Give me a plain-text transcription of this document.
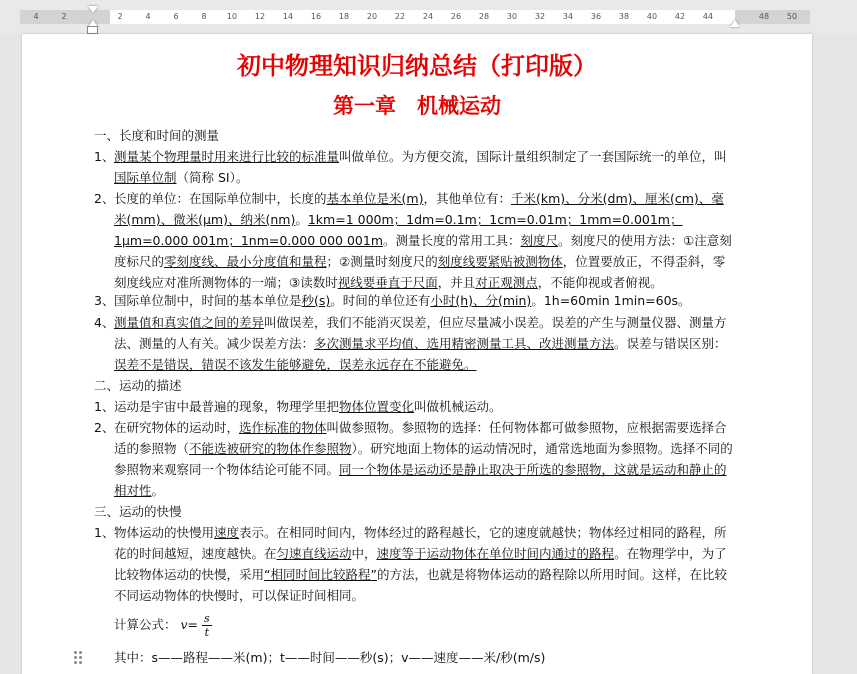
4	2	2	4	6	8	10 12 14 16 18 20 22 24 26 28 30 32 34 36 38 40 42 44	48 50
初中物理知识归纳总结（打印版）
第一章　机械运动
一、长度和时间的测量
1、 测量某个物理量时用来进行比较的标准量叫做单位。为方便交流，国际计量组织制定了一套国际统一的单位，叫国际单位制（简称 SI）。
2、 长度的单位：在国际单位制中，长度的基本单位是米(m)，其他单位有：千米(km)、分米(dm)、厘米(cm)、毫米(mm)、微米(μm)、纳米(nm)。1km=1 000m；1dm=0.1m；1cm=0.01m；1mm=0.001m；1μm=0.000 001m；1nm=0.000 000 001m。测量长度的常用工具：刻度尺。刻度尺的使用方法：①注意刻度标尺的零刻度线、最小分度值和量程；②测量时刻度尺的刻度线要紧贴被测物体，位置要放正，不得歪斜，零刻度线应对准所测物体的一端；③读数时视线要垂直于尺面，并且对正观测点，不能仰视或者俯视。
3、 国际单位制中，时间的基本单位是秒(s)。时间的单位还有小时(h)、分(min)。1h=60min 1min=60s。
4、 测量值和真实值之间的差异叫做误差，我们不能消灭误差，但应尽量减小误差。误差的产生与测量仪器、测量方法、测量的人有关。减少误差方法：多次测量求平均值、选用精密测量工具、改进测量方法。误差与错误区别：误差不是错误，错误不该发生能够避免，误差永远存在不能避免。
二、运动的描述
1、 运动是宇宙中最普遍的现象，物理学里把物体位置变化叫做机械运动。
2、 在研究物体的运动时，选作标准的物体叫做参照物。参照物的选择：任何物体都可做参照物，应根据需要选择合适的参照物（不能选被研究的物体作参照物）。研究地面上物体的运动情况时，通常选地面为参照物。选择不同的参照物来观察同一个物体结论可能不同。同一个物体是运动还是静止取决于所选的参照物，这就是运动和静止的相对性。
三、运动的快慢
1、 物体运动的快慢用速度表示。在相同时间内，物体经过的路程越长，它的速度就越快；物体经过相同的路程，所花的时间越短，速度越快。在匀速直线运动中，速度等于运动物体在单位时间内通过的路程。在物理学中，为了比较物体运动的快慢，采用“相同时间比较路程”的方法，也就是将物体运动的路程除以所用时间。这样，在比较不同运动物体的快慢时，可以保证时间相同。
计算公式： $v= \frac{s}{t}$
其中：s——路程——米(m)；t——时间——秒(s)；v——速度——米/秒(m/s)
